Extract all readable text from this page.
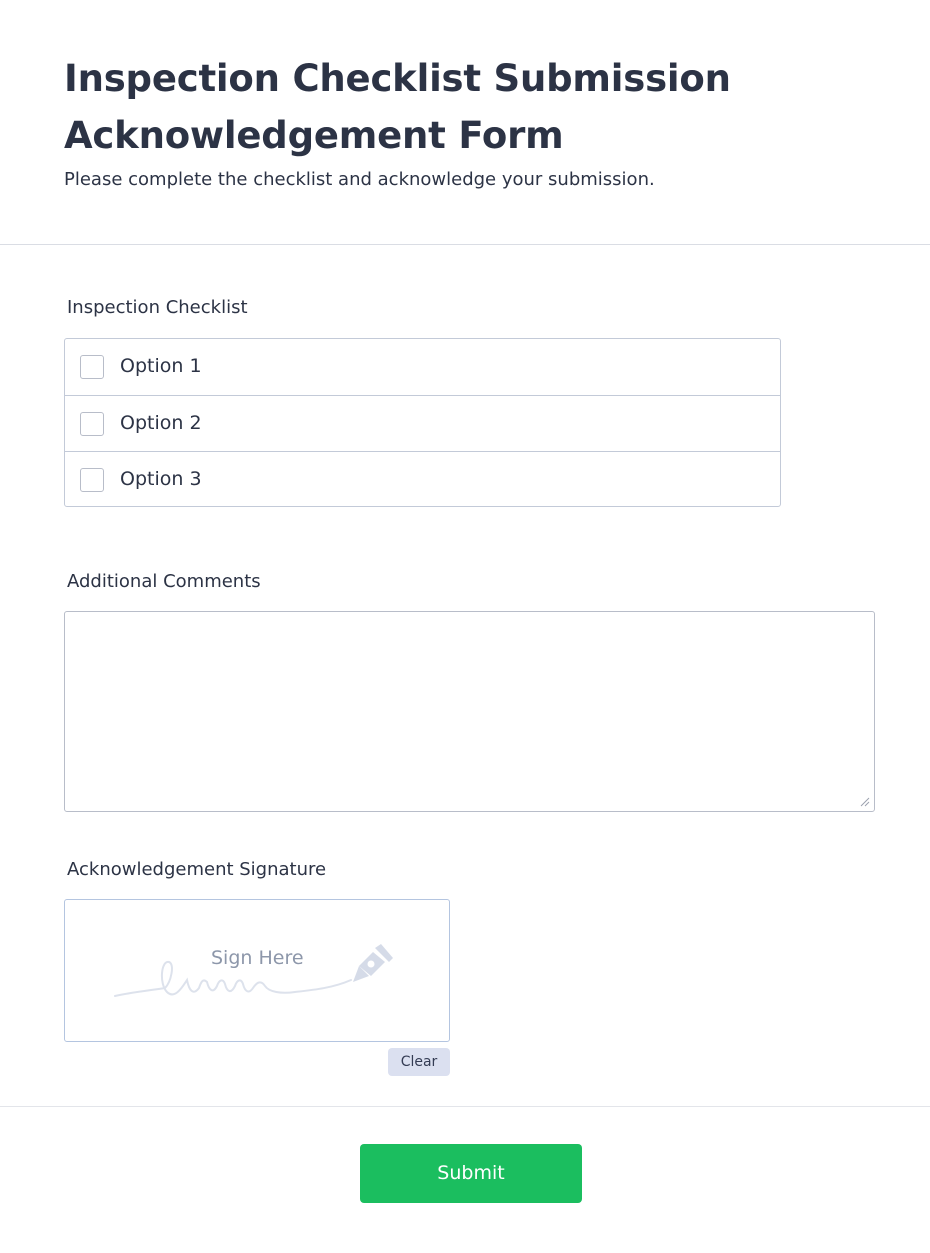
Inspection Checklist Submission Acknowledgement Form

Please complete the checklist and acknowledge your submission.

Inspection Checklist
Option 1
Option 2
Option 3
Additional Comments
Acknowledgement Signature
Sign Here
Clear
Submit
